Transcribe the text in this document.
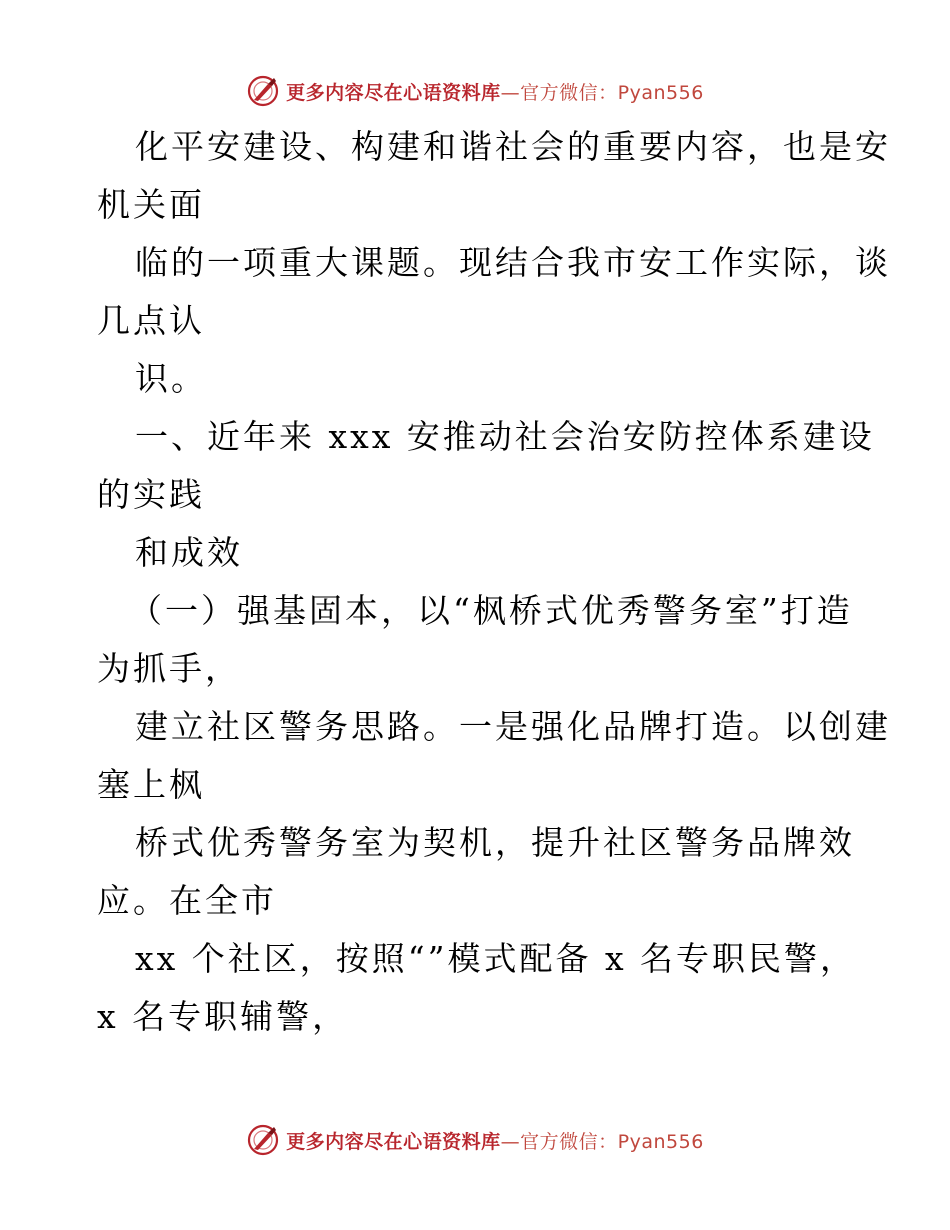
更多内容尽在心语资料库—官方微信：Pyan556
化平安建设、构建和谐社会的重要内容，也是安
机关面
临的一项重大课题。现结合我市安工作实际，谈
几点认
识。
一、近年来 xxx 安推动社会治安防控体系建设
的实践
和成效
（一）强基固本，以“枫桥式优秀警务室”打造
为抓手，
建立社区警务思路。一是强化品牌打造。以创建
塞上枫
桥式优秀警务室为契机，提升社区警务品牌效
应。在全市
xx 个社区，按照“”模式配备 x 名专职民警，
x 名专职辅警，
更多内容尽在心语资料库—官方微信：Pyan556
